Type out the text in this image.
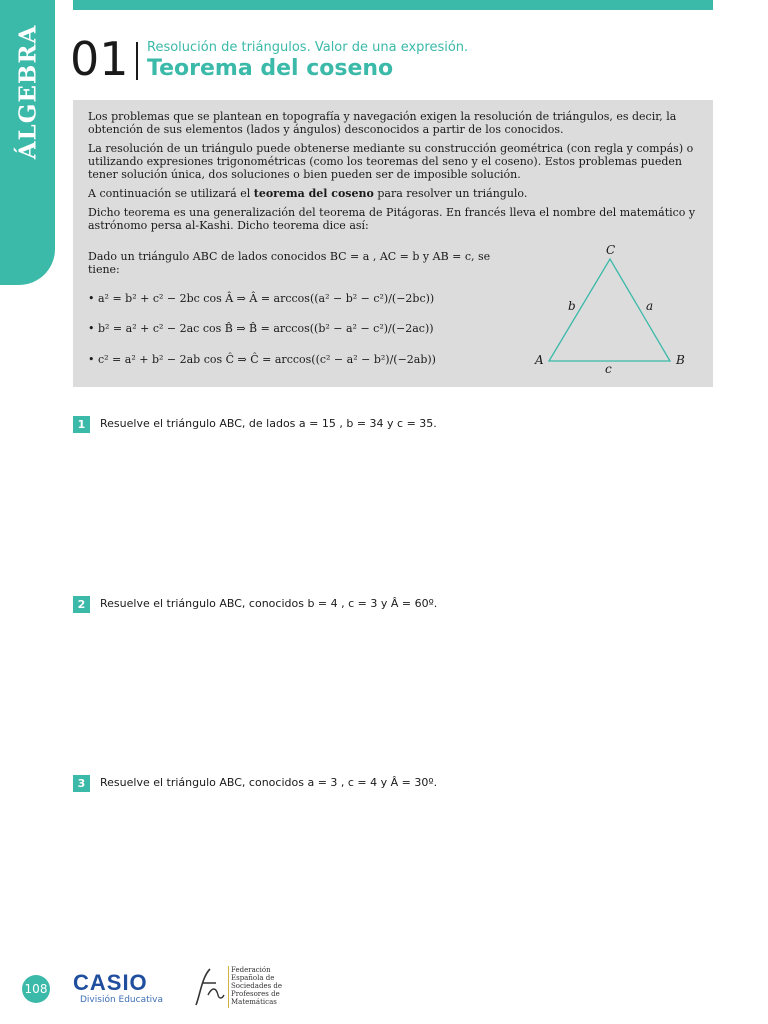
ÁLGEBRA 01 Resolución de triángulos. Valor de una expresión.
Teorema del coseno

Los problemas que se plantean en topografía y navegación exigen la resolución de triángulos, es decir, la obtención de sus elementos (lados y ángulos) desconocidos a partir de los conocidos.

La resolución de un triángulo puede obtenerse mediante su construcción geométrica (con regla y compás) o utilizando expresiones trigonométricas (como los teoremas del seno y el coseno). Estos problemas pueden tener solución única, dos soluciones o bien pueden ser de imposible solución.

A continuación se utilizará el teorema del coseno para resolver un triángulo.

Dicho teorema es una generalización del teorema de Pitágoras. En francés lleva el nombre del matemático y astrónomo persa al-Kashi. Dicho teorema dice así:

Dado un triángulo ABC de lados conocidos BC = a , AC = b y AB = c, se tiene:
• a² = b² + c² − 2bc cos Â ⇒ Â = arccos((a² − b² − c²)/(−2bc))
• b² = a² + c² − 2ac cos B̂ ⇒ B̂ = arccos((b² − a² − c²)/(−2ac))
• c² = a² + b² − 2ab cos Ĉ ⇒ Ĉ = arccos((c² − a² − b²)/(−2ab))	A	B
C
a
b
c
1	Resuelve el triángulo ABC, de lados a = 15 , b = 34 y c = 35.
2	Resuelve el triángulo ABC, conocidos b = 4 , c = 3 y Â = 60º.
3	Resuelve el triángulo ABC, conocidos a = 3 , c = 4 y Â = 30º.
108 CASIO
División Educativa
Federación
Española de
Sociedades de
Profesores de
Matemáticas
